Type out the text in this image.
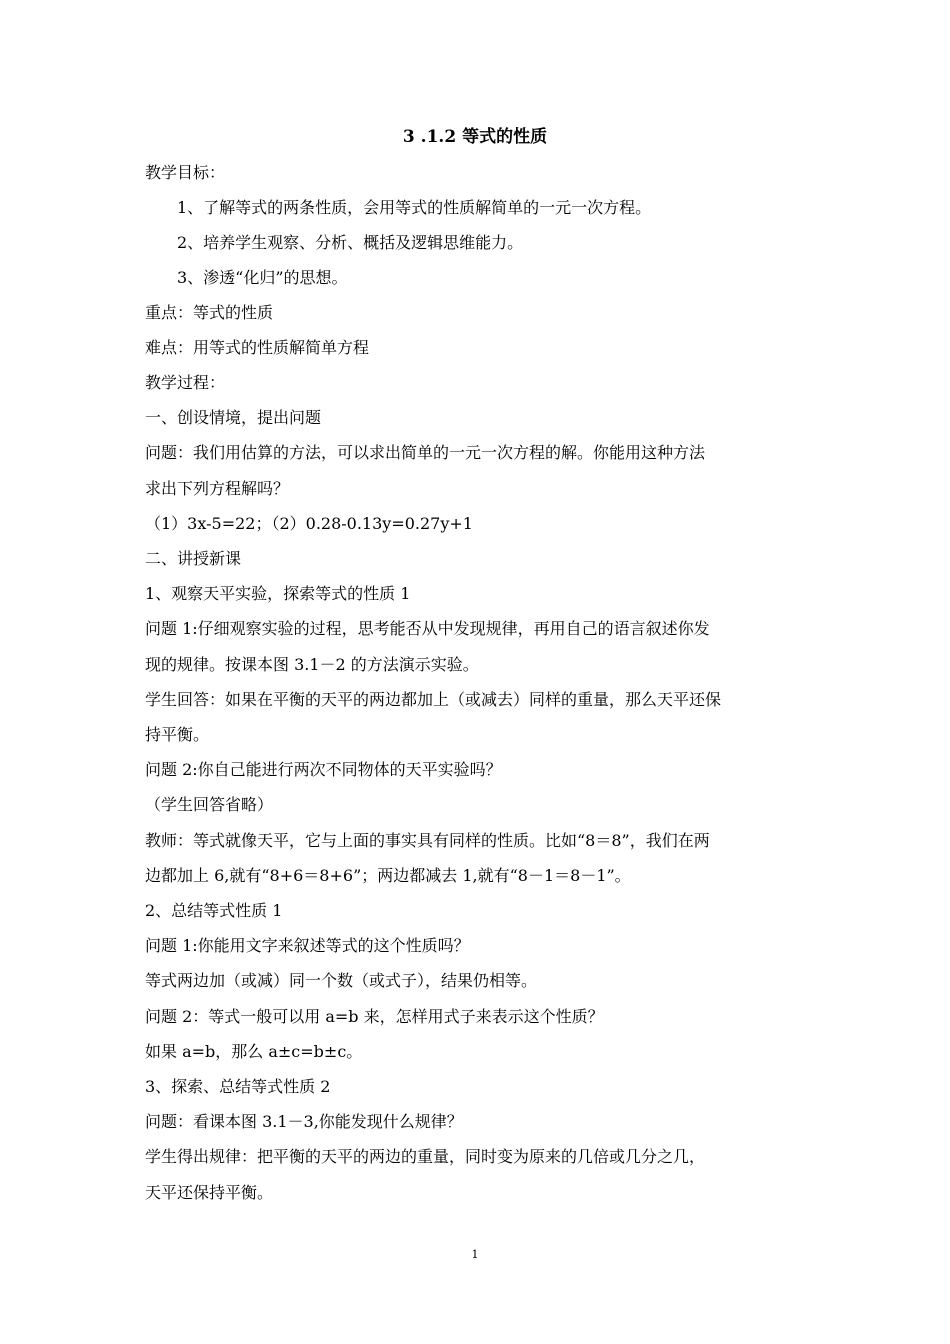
3 .1.2 等式的性质
教学目标：
1、了解等式的两条性质，会用等式的性质解简单的一元一次方程。
2、培养学生观察、分析、概括及逻辑思维能力。
3、渗透“化归”的思想。
重点：等式的性质
难点：用等式的性质解简单方程
教学过程：
一、创设情境，提出问题
问题：我们用估算的方法，可以求出简单的一元一次方程的解。你能用这种方法
求出下列方程解吗？
（1）3x-5=22；（2）0.28-0.13y=0.27y+1
二、讲授新课
1、观察天平实验，探索等式的性质 1
问题 1:仔细观察实验的过程，思考能否从中发现规律，再用自己的语言叙述你发
现的规律。按课本图 3.1－2 的方法演示实验。
学生回答：如果在平衡的天平的两边都加上（或减去）同样的重量，那么天平还保
持平衡。
问题 2:你自己能进行两次不同物体的天平实验吗？
（学生回答省略）
教师：等式就像天平，它与上面的事实具有同样的性质。比如“8＝8”，我们在两
边都加上 6,就有“8+6＝8+6”；两边都减去 1,就有“8－1＝8－1”。
2、总结等式性质 1
问题 1:你能用文字来叙述等式的这个性质吗？
等式两边加（或减）同一个数（或式子），结果仍相等。
问题 2：等式一般可以用 a=b 来，怎样用式子来表示这个性质？
如果 a=b，那么 a±c=b±c。
3、探索、总结等式性质 2
问题：看课本图 3.1－3,你能发现什么规律？
学生得出规律：把平衡的天平的两边的重量，同时变为原来的几倍或几分之几，
天平还保持平衡。
1
